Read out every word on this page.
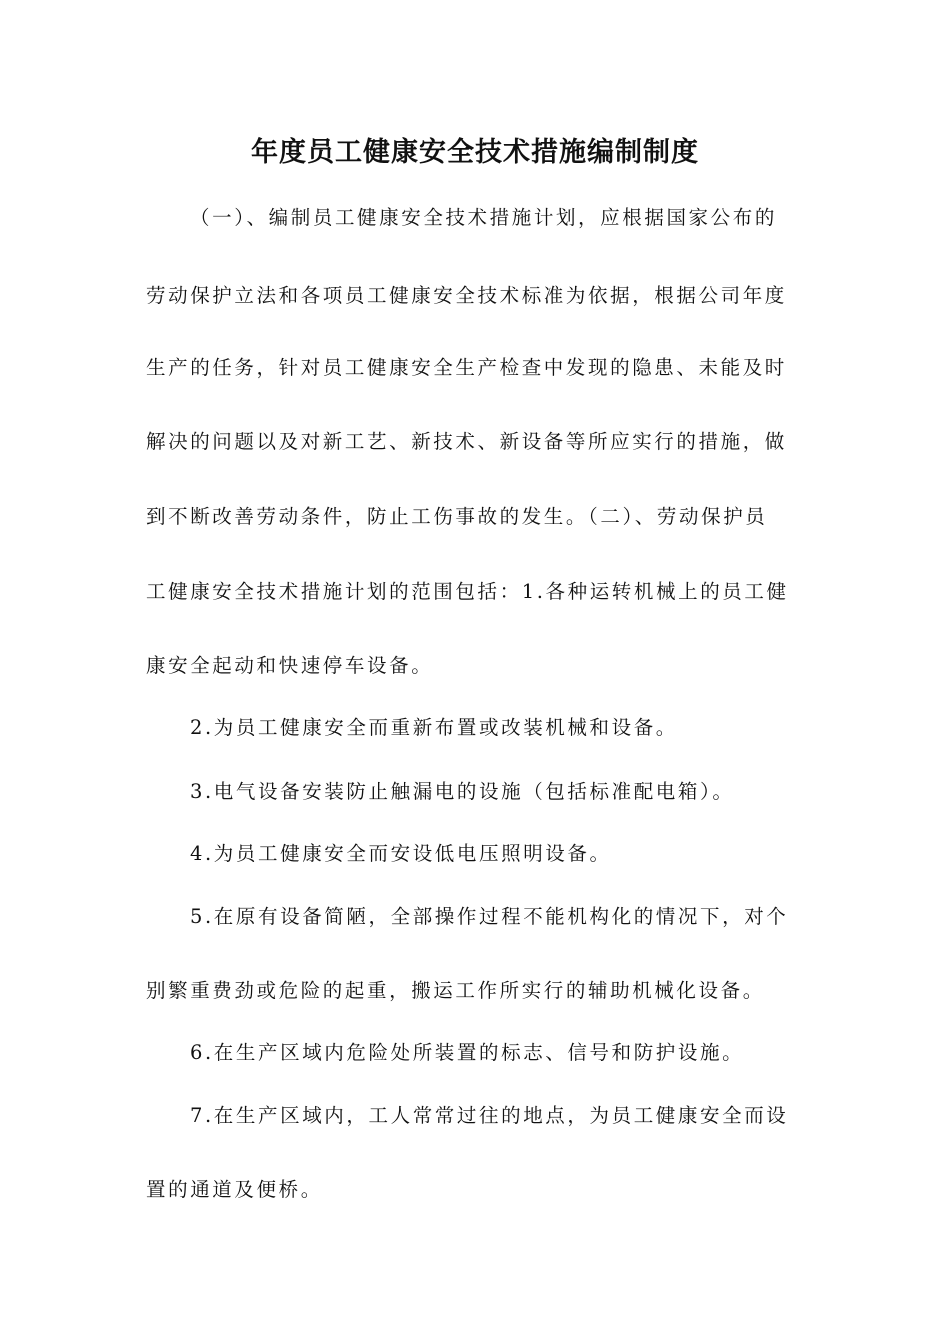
年度员工健康安全技术措施编制制度
（一）、编制员工健康安全技术措施计划，应根据国家公布的
劳动保护立法和各项员工健康安全技术标准为依据，根据公司年度
生产的任务，针对员工健康安全生产检查中发现的隐患、未能及时
解决的问题以及对新工艺、新技术、新设备等所应实行的措施，做
到不断改善劳动条件，防止工伤事故的发生。（二）、劳动保护员
工健康安全技术措施计划的范围包括：1.各种运转机械上的员工健
康安全起动和快速停车设备。
2.为员工健康安全而重新布置或改装机械和设备。
3.电气设备安装防止触漏电的设施（包括标准配电箱）。
4.为员工健康安全而安设低电压照明设备。
5.在原有设备简陋，全部操作过程不能机构化的情况下，对个
别繁重费劲或危险的起重，搬运工作所实行的辅助机械化设备。
6.在生产区域内危险处所装置的标志、信号和防护设施。
7.在生产区域内，工人常常过往的地点，为员工健康安全而设
置的通道及便桥。
